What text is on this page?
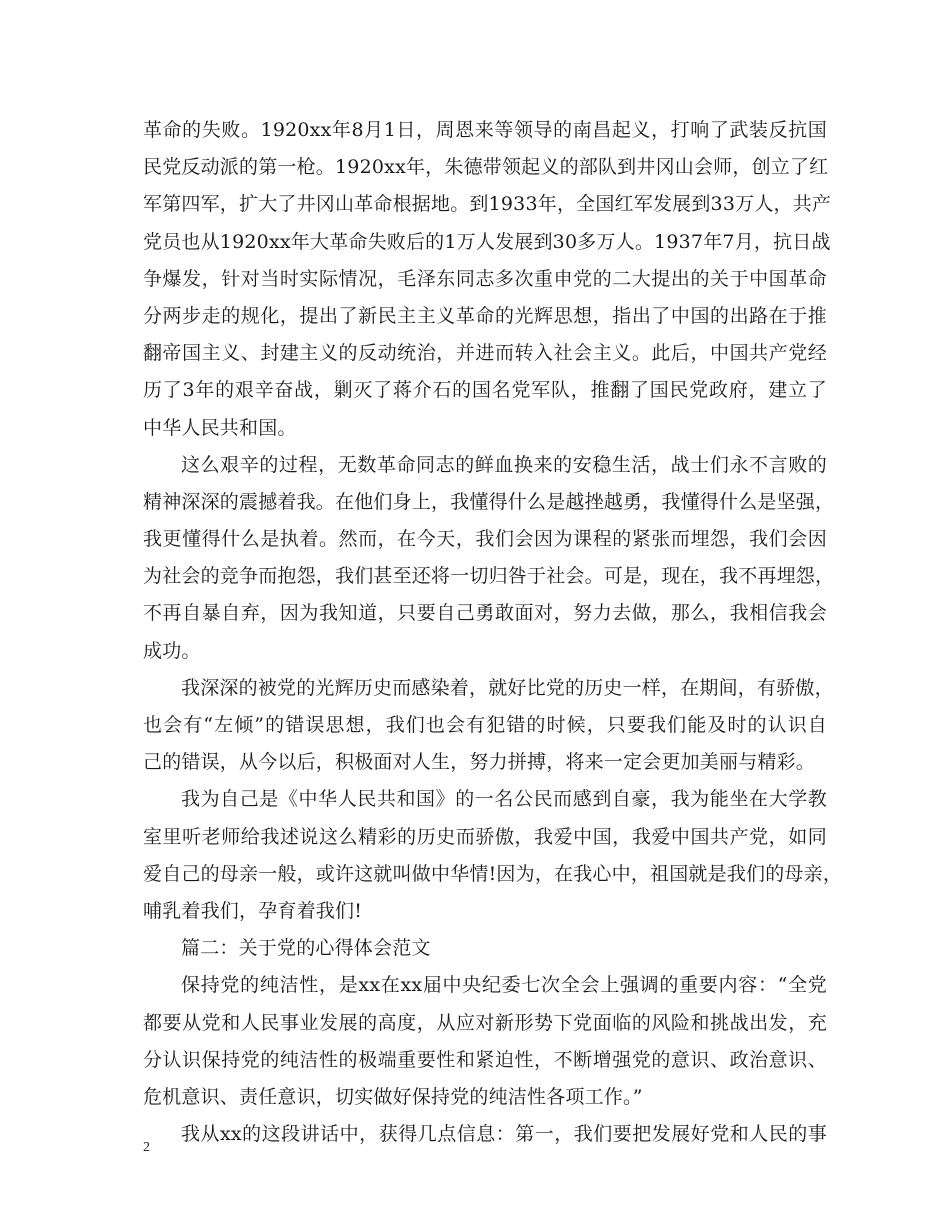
革命的失败。1920xx年8月1日，周恩来等领导的南昌起义，打响了武装反抗国
民党反动派的第一枪。1920xx年，朱德带领起义的部队到井冈山会师，创立了红
军第四军，扩大了井冈山革命根据地。到1933年，全国红军发展到33万人，共产
党员也从1920xx年大革命失败后的1万人发展到30多万人。1937年7月，抗日战
争爆发，针对当时实际情况，毛泽东同志多次重申党的二大提出的关于中国革命
分两步走的规化，提出了新民主主义革命的光辉思想，指出了中国的出路在于推
翻帝国主义、封建主义的反动统治，并进而转入社会主义。此后，中国共产党经
历了3年的艰辛奋战，剿灭了蒋介石的国名党军队，推翻了国民党政府，建立了
中华人民共和国。
这么艰辛的过程，无数革命同志的鲜血换来的安稳生活，战士们永不言败的
精神深深的震撼着我。在他们身上，我懂得什么是越挫越勇，我懂得什么是坚强，
我更懂得什么是执着。然而，在今天，我们会因为课程的紧张而埋怨，我们会因
为社会的竞争而抱怨，我们甚至还将一切归咎于社会。可是，现在，我不再埋怨，
不再自暴自弃，因为我知道，只要自己勇敢面对，努力去做，那么，我相信我会
成功。
我深深的被党的光辉历史而感染着，就好比党的历史一样，在期间，有骄傲，
也会有“左倾”的错误思想，我们也会有犯错的时候，只要我们能及时的认识自
己的错误，从今以后，积极面对人生，努力拼搏，将来一定会更加美丽与精彩。
我为自己是《中华人民共和国》的一名公民而感到自豪，我为能坐在大学教
室里听老师给我述说这么精彩的历史而骄傲，我爱中国，我爱中国共产党，如同
爱自己的母亲一般，或许这就叫做中华情!因为，在我心中，祖国就是我们的母亲，
哺乳着我们，孕育着我们!
篇二：关于党的心得体会范文
保持党的纯洁性，是xx在xx届中央纪委七次全会上强调的重要内容：“全党
都要从党和人民事业发展的高度，从应对新形势下党面临的风险和挑战出发，充
分认识保持党的纯洁性的极端重要性和紧迫性，不断增强党的意识、政治意识、
危机意识、责任意识，切实做好保持党的纯洁性各项工作。”
我从xx的这段讲话中，获得几点信息：第一，我们要把发展好党和人民的事
2
